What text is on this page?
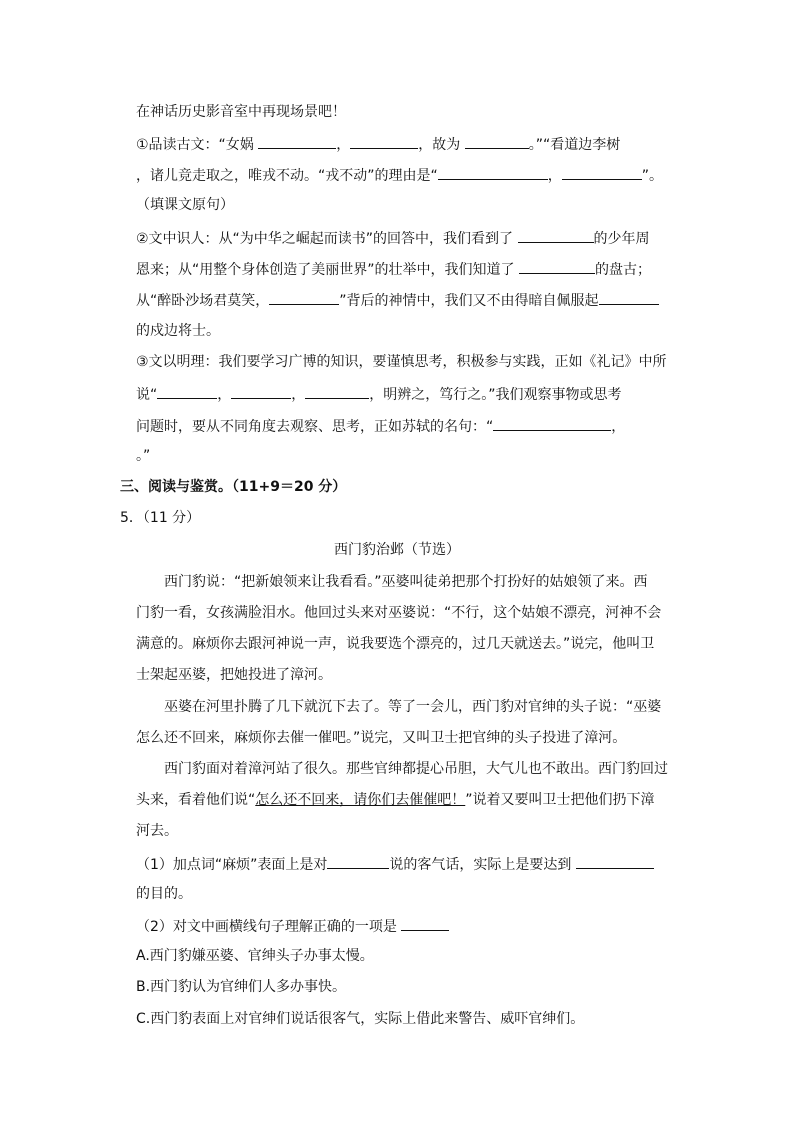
在神话历史影音室中再现场景吧！
①品读古文：“女娲	，	，故为	。”“看道边李树
，诸儿竞走取之，唯戎不动。“戎不动”的理由是“	，	”。
（填课文原句）
②文中识人：从“为中华之崛起而读书”的回答中，我们看到了	的少年周
恩来；从“用整个身体创造了美丽世界”的壮举中，我们知道了	的盘古；
从“醉卧沙场君莫笑，	”背后的神情中，我们又不由得暗自佩服起
的戍边将士。
③文以明理：我们要学习广博的知识，要谨慎思考，积极参与实践，正如《礼记》中所
说“	，	，	，明辨之，笃行之。”我们观察事物或思考
问题时，要从不同角度去观察、思考，正如苏轼的名句：“	，
。”
三、阅读与鉴赏。（11+9＝20 分）
5．（11 分）
西门豹治邺（节选）
西门豹说：“把新娘领来让我看看。”巫婆叫徒弟把那个打扮好的姑娘领了来。西
门豹一看，女孩满脸泪水。他回过头来对巫婆说：“不行，这个姑娘不漂亮，河神不会
满意的。麻烦你去跟河神说一声，说我要选个漂亮的，过几天就送去。”说完，他叫卫
士架起巫婆，把她投进了漳河。
巫婆在河里扑腾了几下就沉下去了。等了一会儿，西门豹对官绅的头子说：“巫婆
怎么还不回来，麻烦你去催一催吧。”说完，又叫卫士把官绅的头子投进了漳河。
西门豹面对着漳河站了很久。那些官绅都提心吊胆，大气儿也不敢出。西门豹回过
头来，看着他们说“怎么还不回来，请你们去催催吧！”说着又要叫卫士把他们扔下漳
河去。
（1）加点词“麻烦”表面上是对	说的客气话，实际上是要达到
的目的。
（2）对文中画横线句子理解正确的一项是
A.西门豹嫌巫婆、官绅头子办事太慢。
B.西门豹认为官绅们人多办事快。
C.西门豹表面上对官绅们说话很客气，实际上借此来警告、威吓官绅们。
